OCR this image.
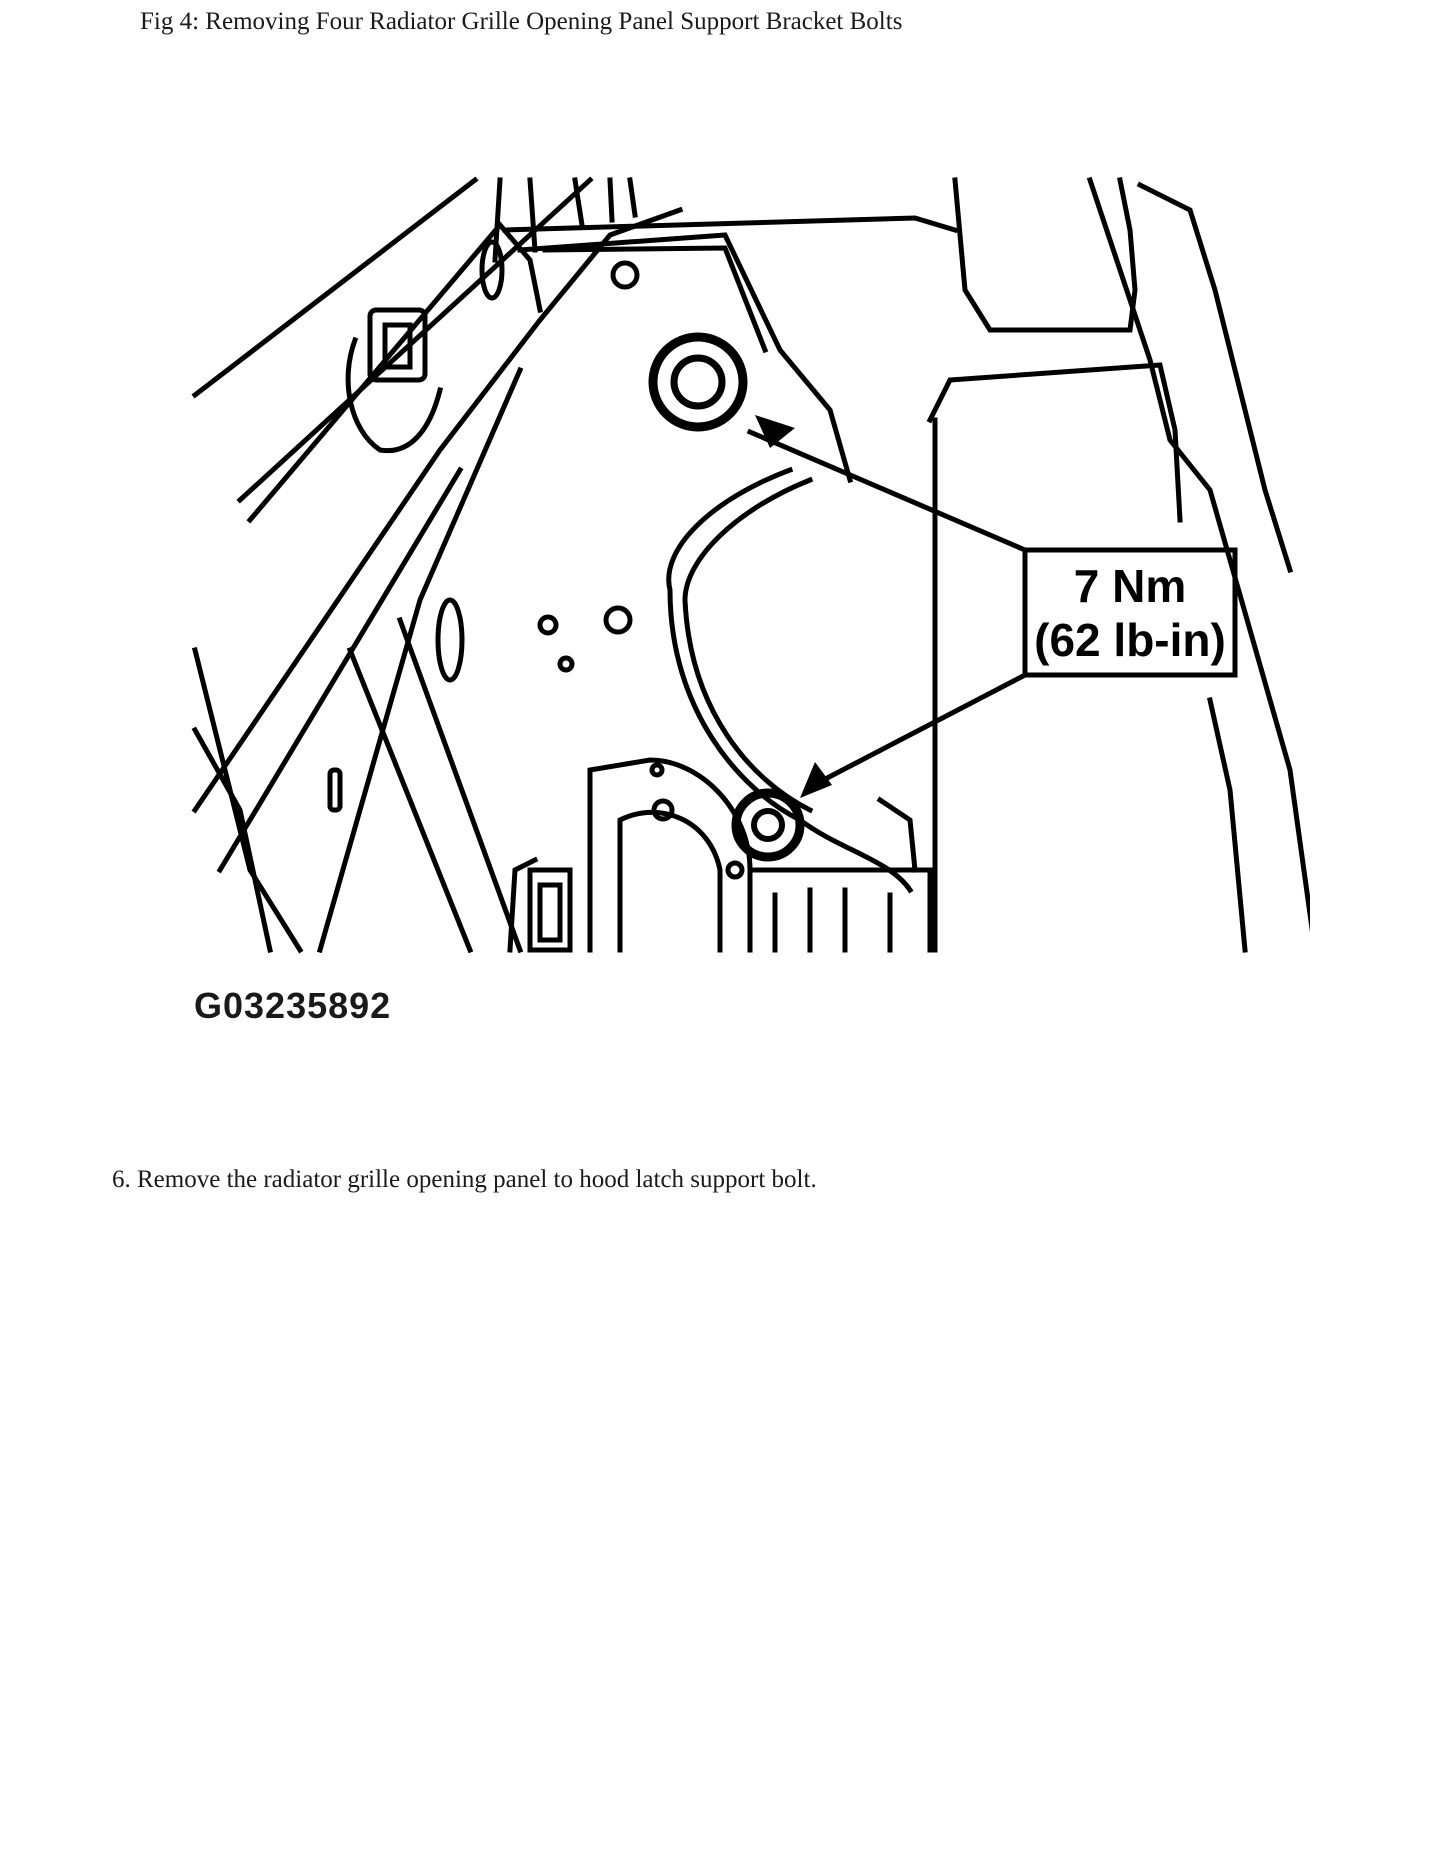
Fig 4: Removing Four Radiator Grille Opening Panel Support Bracket Bolts
7 Nm
(62 lb-in)
G03235892
6. Remove the radiator grille opening panel to hood latch support bolt.
